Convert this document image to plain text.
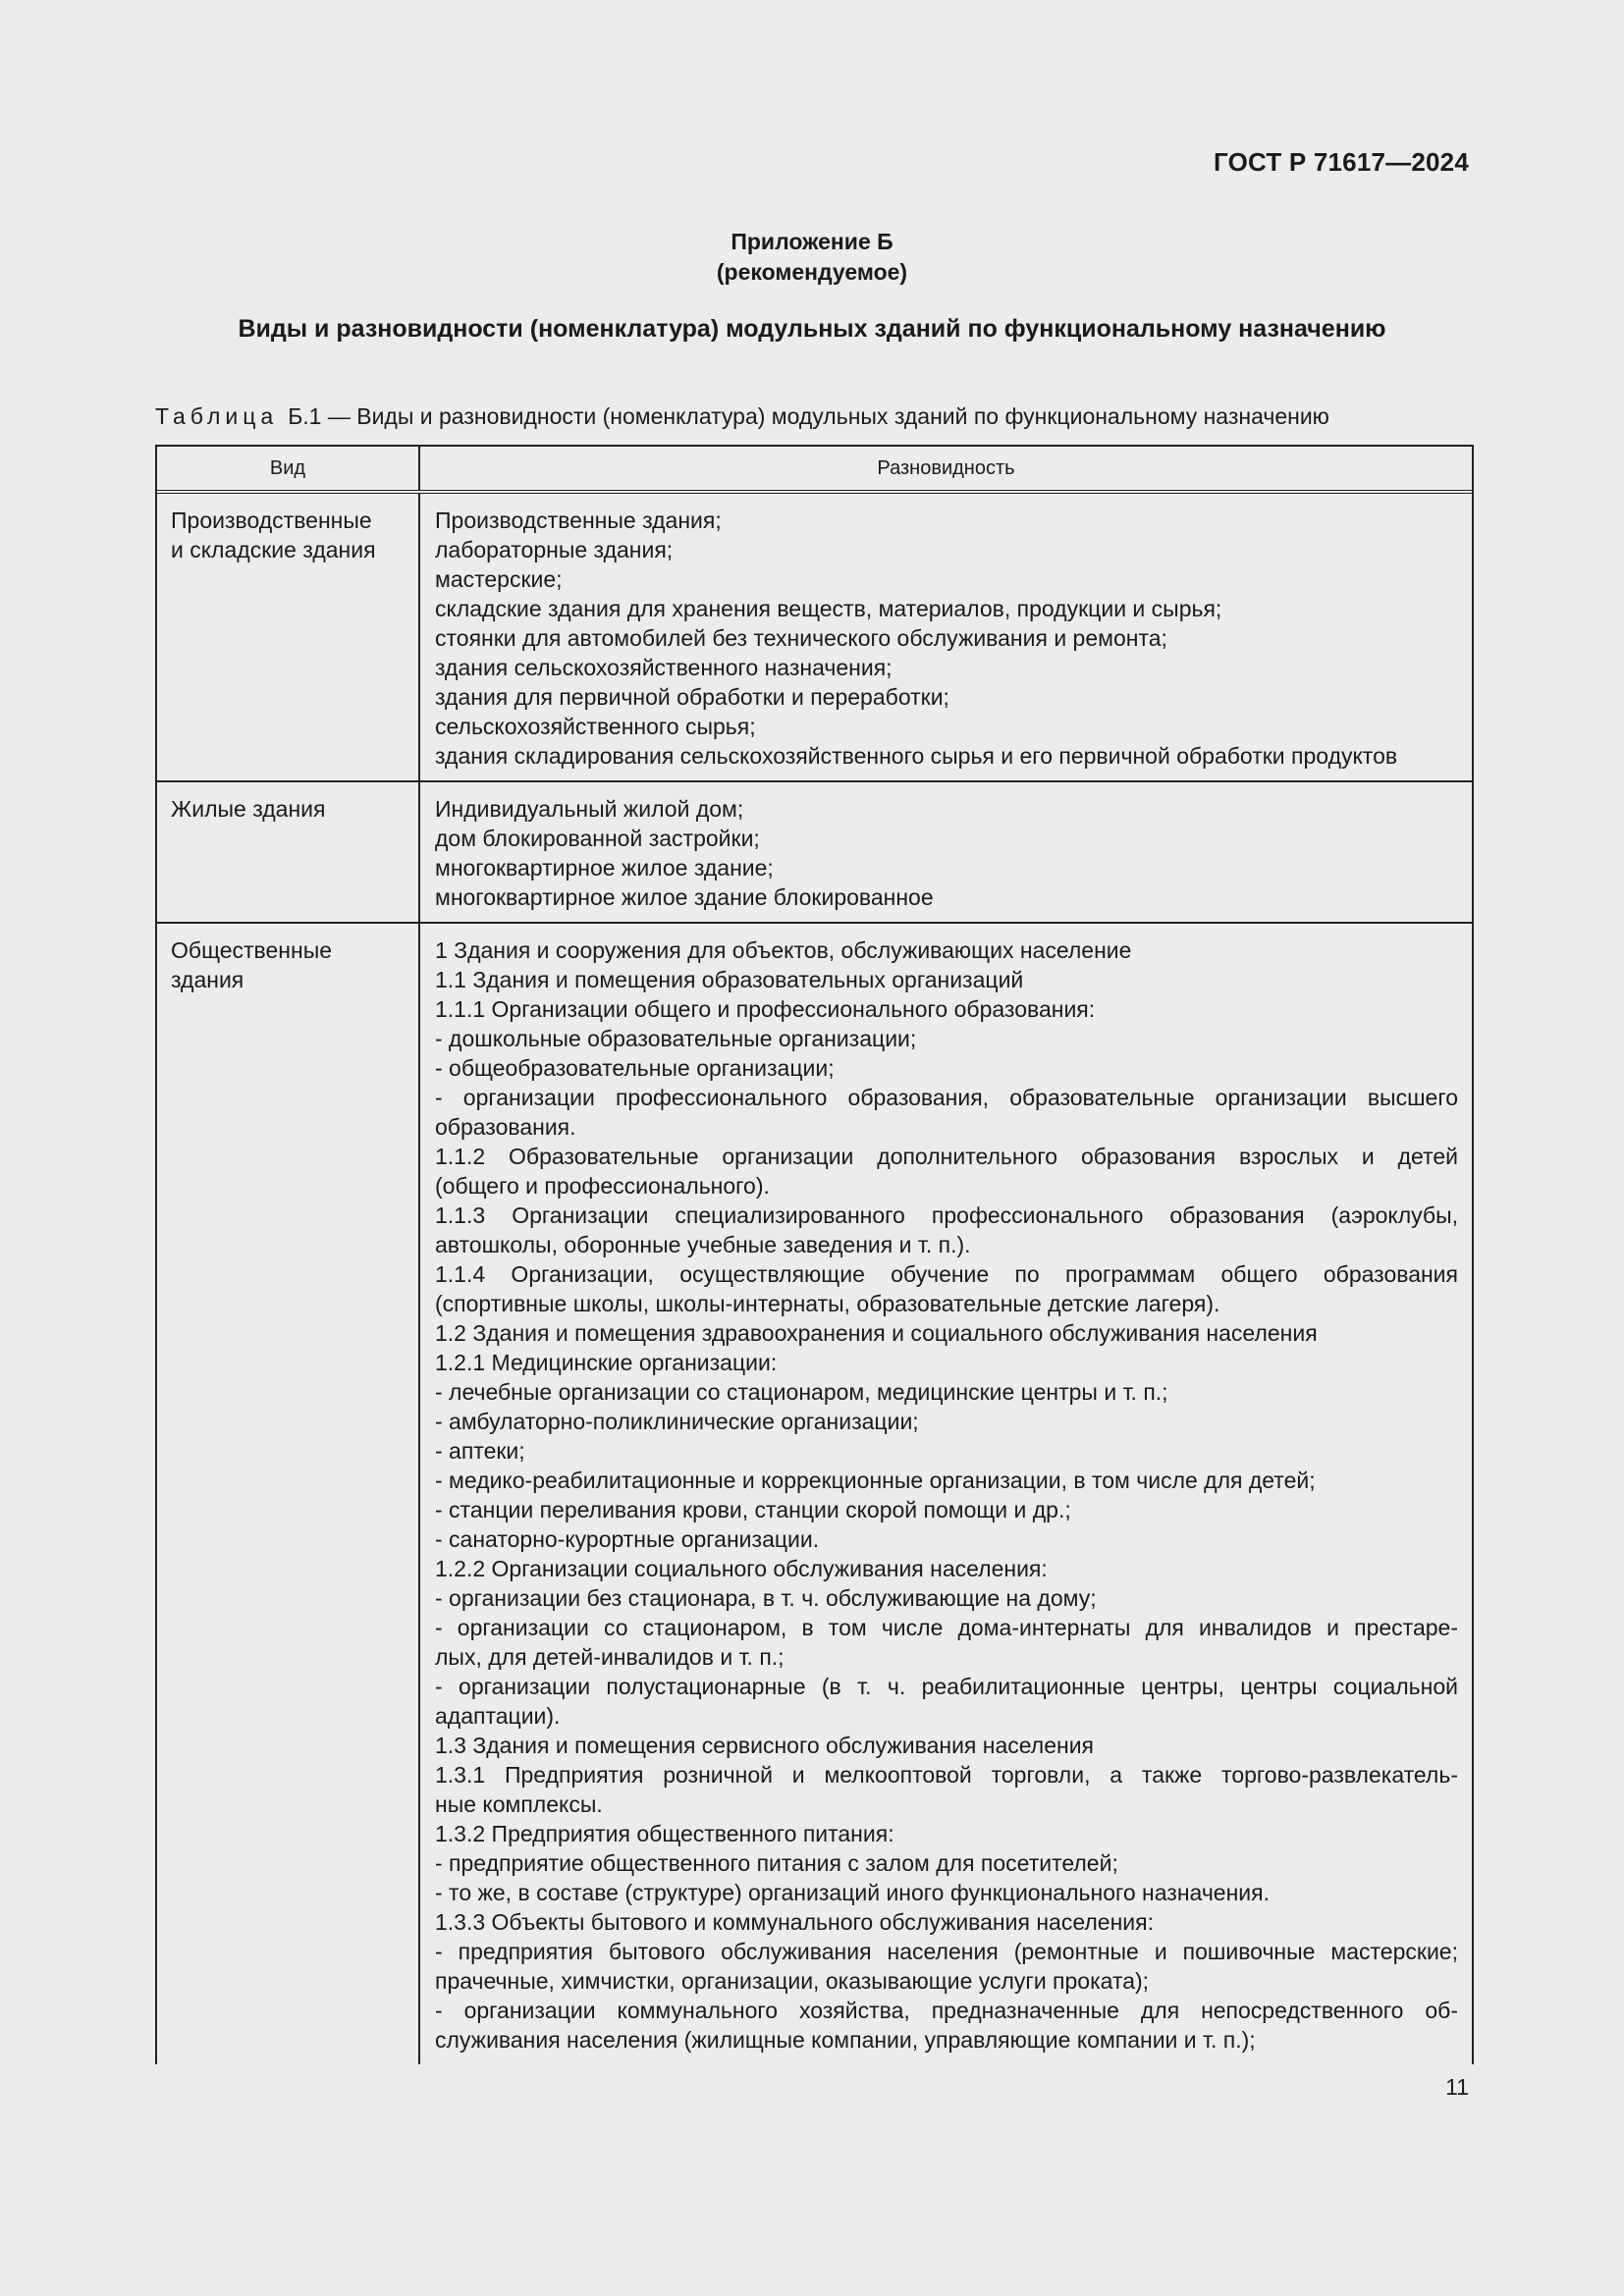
ГОСТ Р 71617—2024
Приложение Б
(рекомендуемое)
Виды и разновидности (номенклатура) модульных зданий по функциональному назначению
Таблица Б.1 — Виды и разновидности (номенклатура) модульных зданий по функциональному назначению
Вид	Разновидность
Производственные
и складские здания
Производственные здания;
лабораторные здания;
мастерские;
складские здания для хранения веществ, материалов, продукции и сырья;
стоянки для автомобилей без технического обслуживания и ремонта;
здания сельскохозяйственного назначения;
здания для первичной обработки и переработки;
сельскохозяйственного сырья;
здания складирования сельскохозяйственного сырья и его первичной обработки продуктов
Жилые здания	Индивидуальный жилой дом;
дом блокированной застройки;
многоквартирное жилое здание;
многоквартирное жилое здание блокированное
Общественные
здания
1 Здания и сооружения для объектов, обслуживающих население
1.1 Здания и помещения образовательных организаций
1.1.1 Организации общего и профессионального образования:
- дошкольные образовательные организации;
- общеобразовательные организации;
- организации профессионального образования, образовательные организации высшего
образования.
1.1.2 Образовательные организации дополнительного образования взрослых и детей
(общего и профессионального).
1.1.3 Организации специализированного профессионального образования (аэроклубы,
автошколы, оборонные учебные заведения и т. п.).
1.1.4 Организации, осуществляющие обучение по программам общего образования
(спортивные школы, школы-интернаты, образовательные детские лагеря).
1.2 Здания и помещения здравоохранения и социального обслуживания населения
1.2.1 Медицинские организации:
- лечебные организации со стационаром, медицинские центры и т. п.;
- амбулаторно-поликлинические организации;
- аптеки;
- медико-реабилитационные и коррекционные организации, в том числе для детей;
- станции переливания крови, станции скорой помощи и др.;
- санаторно-курортные организации.
1.2.2 Организации социального обслуживания населения:
- организации без стационара, в т. ч. обслуживающие на дому;
- организации со стационаром, в том числе дома-интернаты для инвалидов и престаре-
лых, для детей-инвалидов и т. п.;
- организации полустационарные (в т. ч. реабилитационные центры, центры социальной
адаптации).
1.3 Здания и помещения сервисного обслуживания населения
1.3.1 Предприятия розничной и мелкооптовой торговли, а также торгово-развлекатель-
ные комплексы.
1.3.2 Предприятия общественного питания:
- предприятие общественного питания с залом для посетителей;
- то же, в составе (структуре) организаций иного функционального назначения.
1.3.3 Объекты бытового и коммунального обслуживания населения:
- предприятия бытового обслуживания населения (ремонтные и пошивочные мастерские;
прачечные, химчистки, организации, оказывающие услуги проката);
- организации коммунального хозяйства, предназначенные для непосредственного об-
служивания населения (жилищные компании, управляющие компании и т. п.);
11
